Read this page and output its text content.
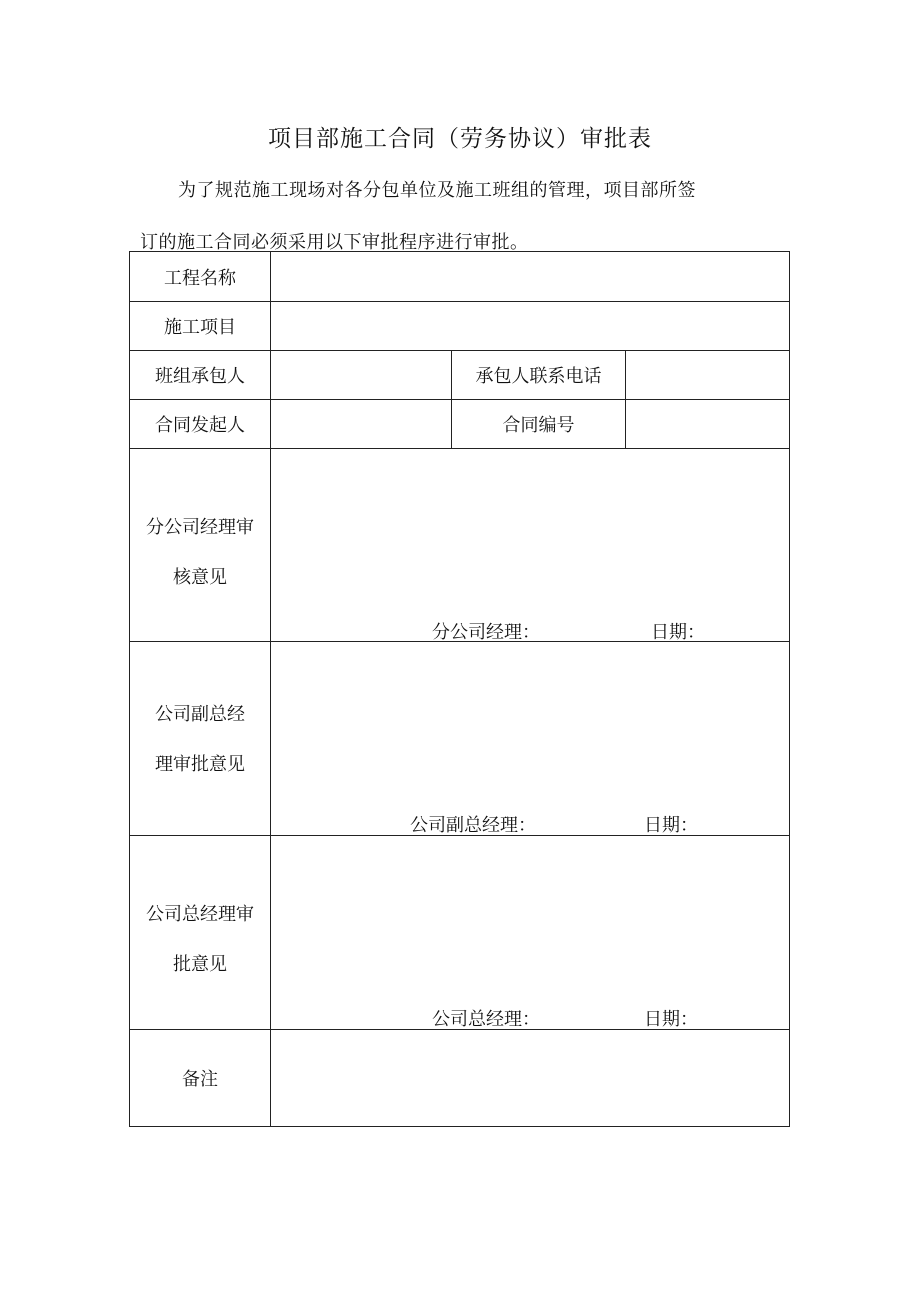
项目部施工合同（劳务协议）审批表
为了规范施工现场对各分包单位及施工班组的管理，项目部所签
订的施工合同必须采用以下审批程序进行审批。
工程名称
施工项目
班组承包人	承包人联系电话
合同发起人	合同编号
分公司经理审
核意见
分公司经理：	日期：
公司副总经
理审批意见
公司副总经理：	日期：
公司总经理审
批意见
公司总经理：	日期：
备注
